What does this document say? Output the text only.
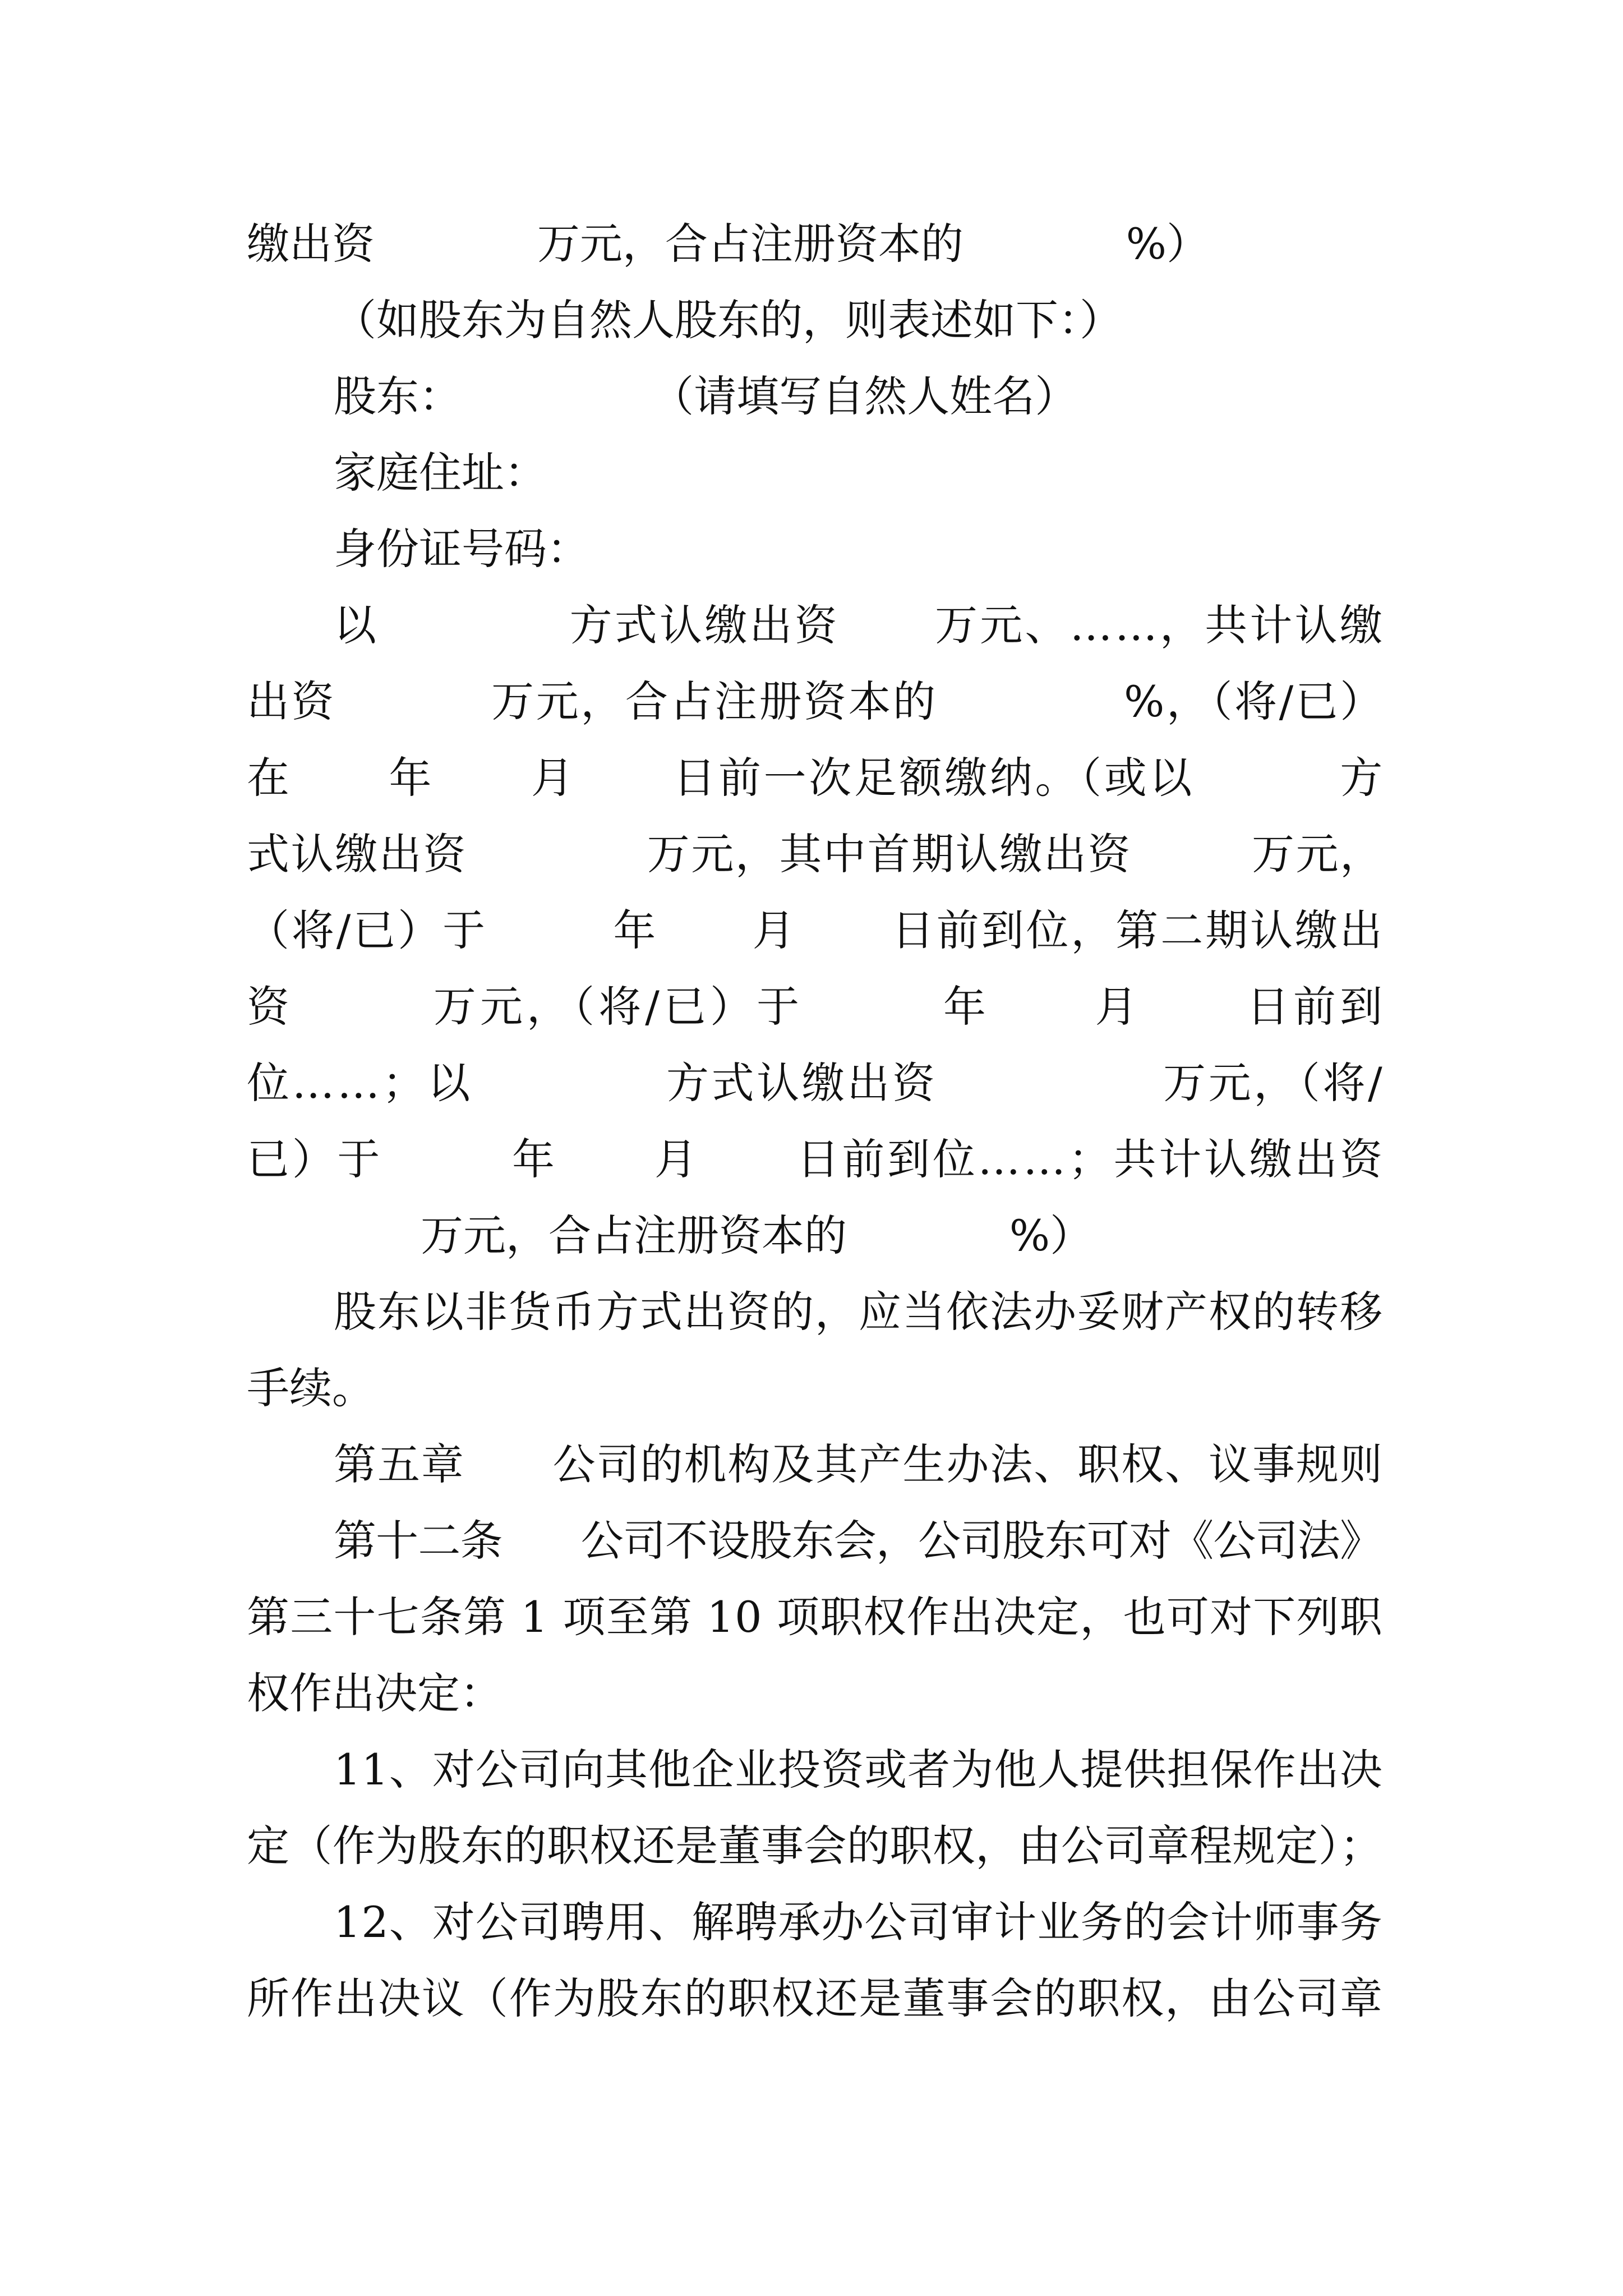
缴出资            万元，合占注册资本的            %）
（如股东为自然人股东的，则表述如下：）
股东：              （请填写自然人姓名）
家庭住址：
身份证号码：
以            方式认缴出资      万元、……，共计认缴
出资          万元，合占注册资本的            %，（将/已）
在      年      月      日前一次足额缴纳。（或以         方
式认缴出资            万元，其中首期认缴出资        万元，
（将/已）于        年      月      日前到位，第二期认缴出
资        万元，（将/已）于        年      月      日前到
位……；以            方式认缴出资              万元，（将/
已）于        年      月      日前到位……；共计认缴出资
万元，合占注册资本的            %）
股东以非货币方式出资的，应当依法办妥财产权的转移
手续。
第五章      公司的机构及其产生办法、职权、议事规则
第十二条      公司不设股东会，公司股东可对《公司法》
第三十七条第 1 项至第 10 项职权作出决定，也可对下列职
权作出决定：
11、对公司向其他企业投资或者为他人提供担保作出决
定（作为股东的职权还是董事会的职权，由公司章程规定）；
12、对公司聘用、解聘承办公司审计业务的会计师事务
所作出决议（作为股东的职权还是董事会的职权，由公司章
